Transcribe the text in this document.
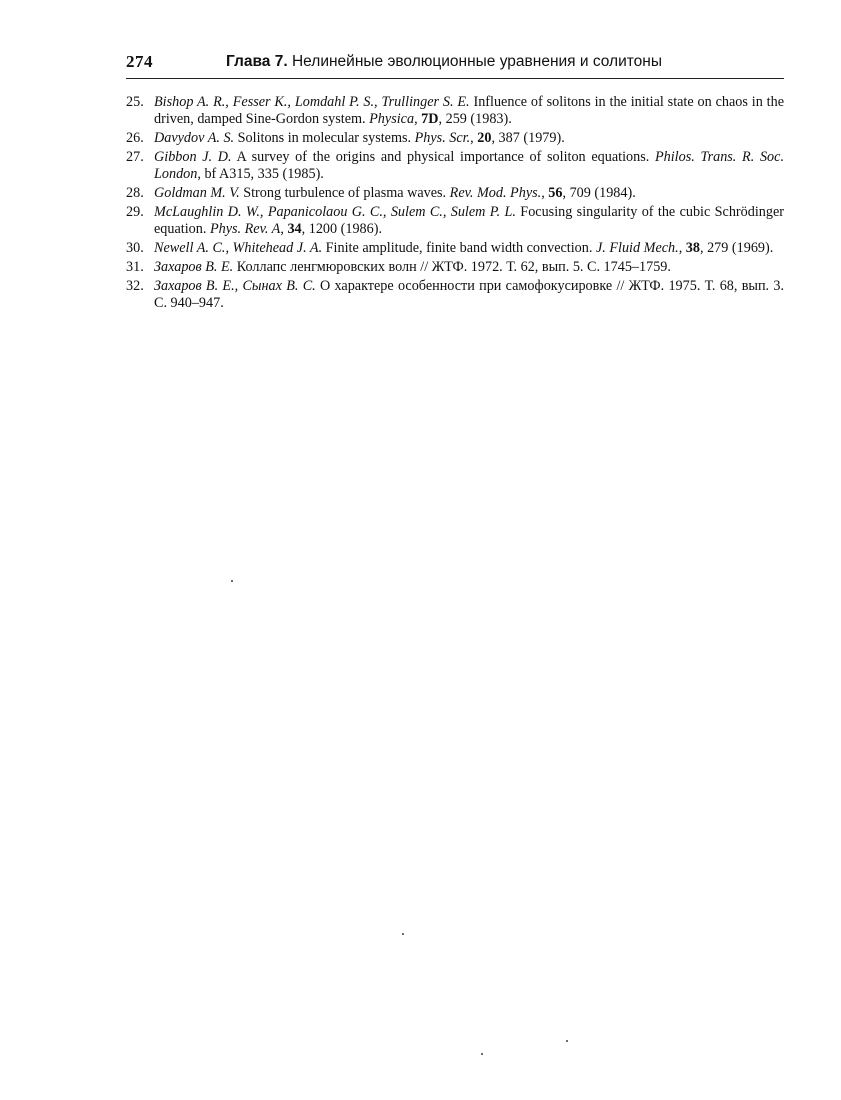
274	Глава 7. Нелинейные эволюционные уравнения и солитоны
25. Bishop A. R., Fesser K., Lomdahl P. S., Trullinger S. E. Influence of solitons in the initial state on chaos in the driven, damped Sine-Gordon system. Physica, 7D, 259 (1983).
26. Davydov A. S. Solitons in molecular systems. Phys. Scr., 20, 387 (1979).
27. Gibbon J. D. A survey of the origins and physical importance of soliton equations. Philos. Trans. R. Soc. London, bf A315, 335 (1985).
28. Goldman M. V. Strong turbulence of plasma waves. Rev. Mod. Phys., 56, 709 (1984).
29. McLaughlin D. W., Papanicolaou G. C., Sulem C., Sulem P. L. Focusing singularity of the cubic Schrödinger equation. Phys. Rev. A, 34, 1200 (1986).
30. Newell A. C., Whitehead J. A. Finite amplitude, finite band width convection. J. Fluid Mech., 38, 279 (1969).
31. Захаров В. Е. Коллапс ленгмюровских волн // ЖТФ. 1972. Т. 62, вып. 5. С. 1745–1759.
32. Захаров В. Е., Сынах В. С. О характере особенности при самофокусировке // ЖТФ. 1975. Т. 68, вып. 3. С. 940–947.
